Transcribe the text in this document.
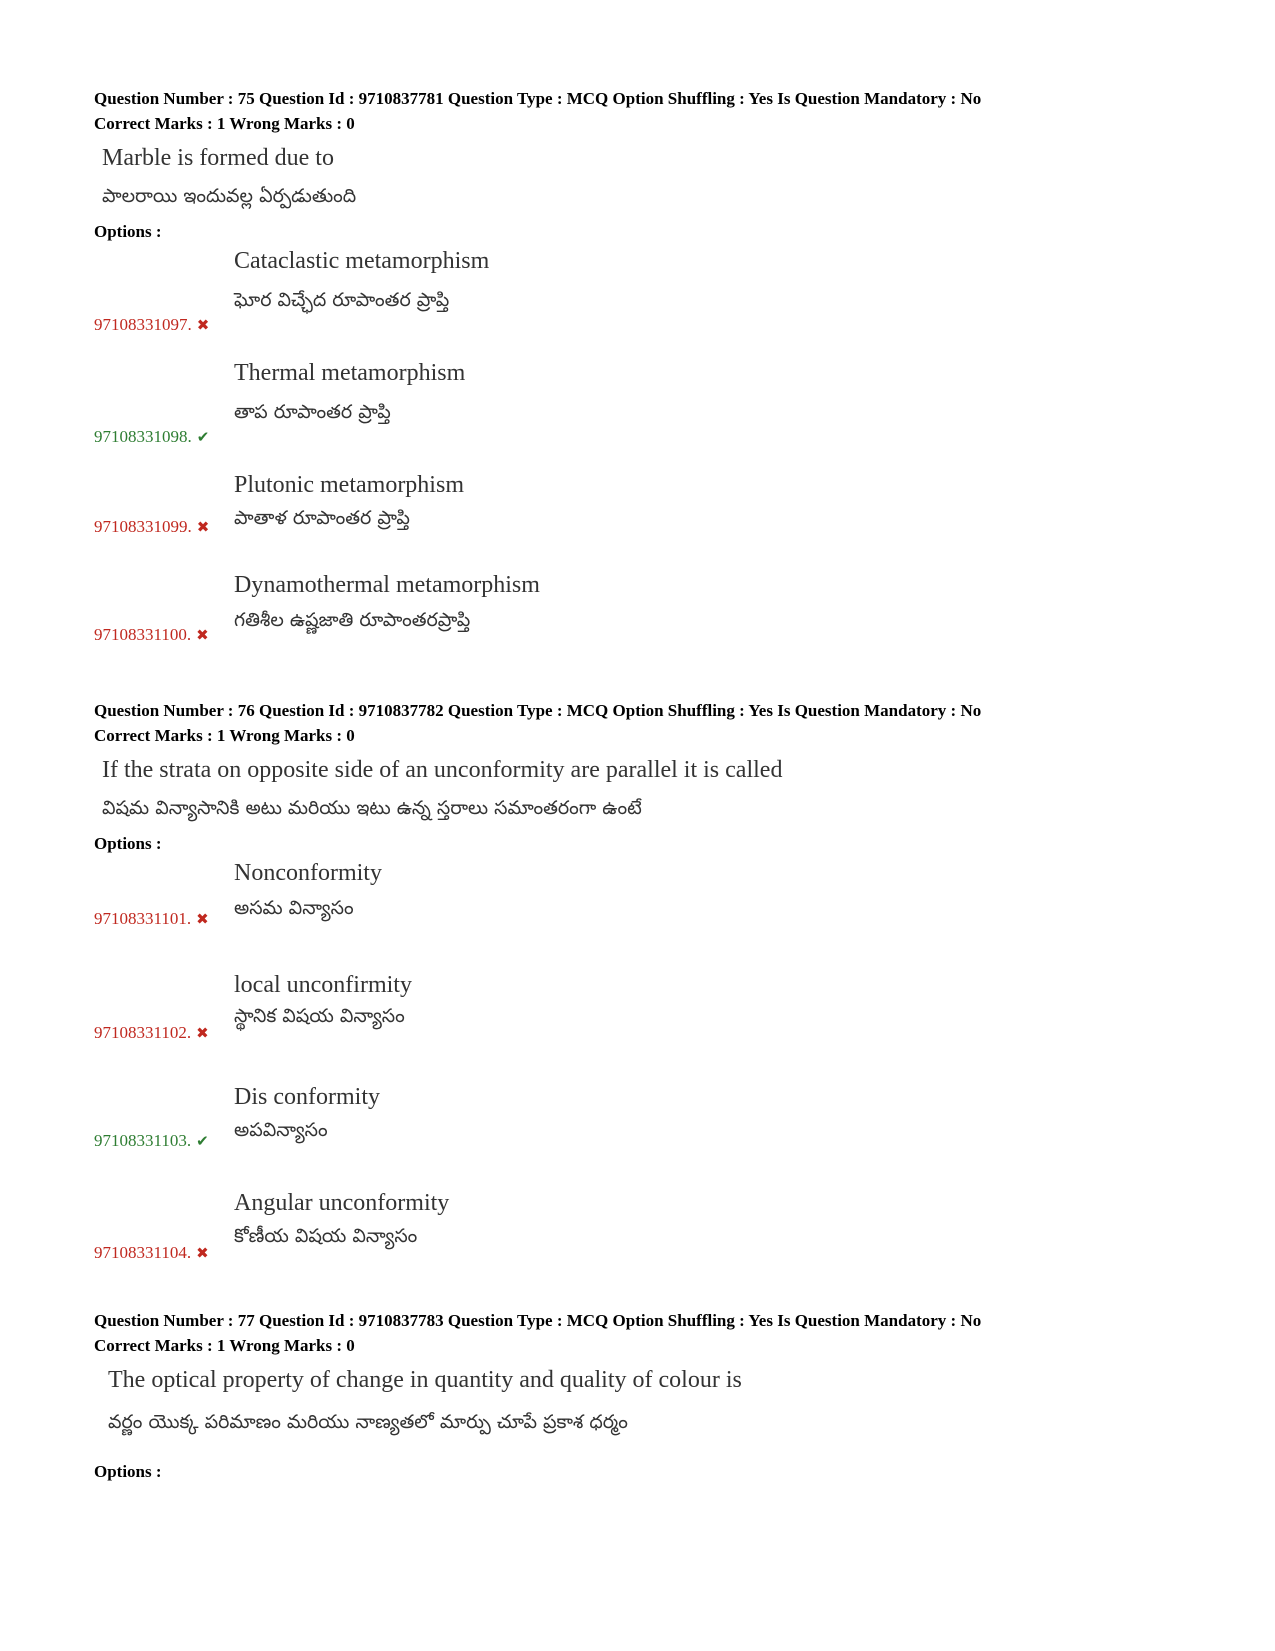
Question Number : 75 Question Id : 9710837781 Question Type : MCQ Option Shuffling : Yes Is Question Mandatory : No
Correct Marks : 1 Wrong Marks : 0
Marble is formed due to
పాలరాయి ఇందువల్ల ఏర్పడుతుంది
Options :
Cataclastic metamorphism
ఘోర విచ్ఛేద రూపాంతర ప్రాప్తి
97108331097. ✖
Thermal metamorphism
తాప రూపాంతర ప్రాప్తి
97108331098. ✔
Plutonic metamorphism
పాతాళ రూపాంతర ప్రాప్తి
97108331099. ✖
Dynamothermal metamorphism
గతిశీల ఉష్ణజాతి రూపాంతరప్రాప్తి
97108331100. ✖
Question Number : 76 Question Id : 9710837782 Question Type : MCQ Option Shuffling : Yes Is Question Mandatory : No
Correct Marks : 1 Wrong Marks : 0
If the strata on opposite side of an unconformity are parallel it is called
విషమ విన్యాసానికి అటు మరియు ఇటు ఉన్న స్తరాలు సమాంతరంగా ఉంటే
Options :
Nonconformity
అసమ విన్యాసం
97108331101. ✖
local unconfirmity
స్థానిక విషయ విన్యాసం
97108331102. ✖
Dis conformity
అపవిన్యాసం
97108331103. ✔
Angular unconformity
కోణీయ విషయ విన్యాసం
97108331104. ✖
Question Number : 77 Question Id : 9710837783 Question Type : MCQ Option Shuffling : Yes Is Question Mandatory : No
Correct Marks : 1 Wrong Marks : 0
The optical property of change in quantity and quality of colour is
వర్ణం యొక్క పరిమాణం మరియు నాణ్యతలో మార్పు చూపే ప్రకాశ ధర్మం
Options :
